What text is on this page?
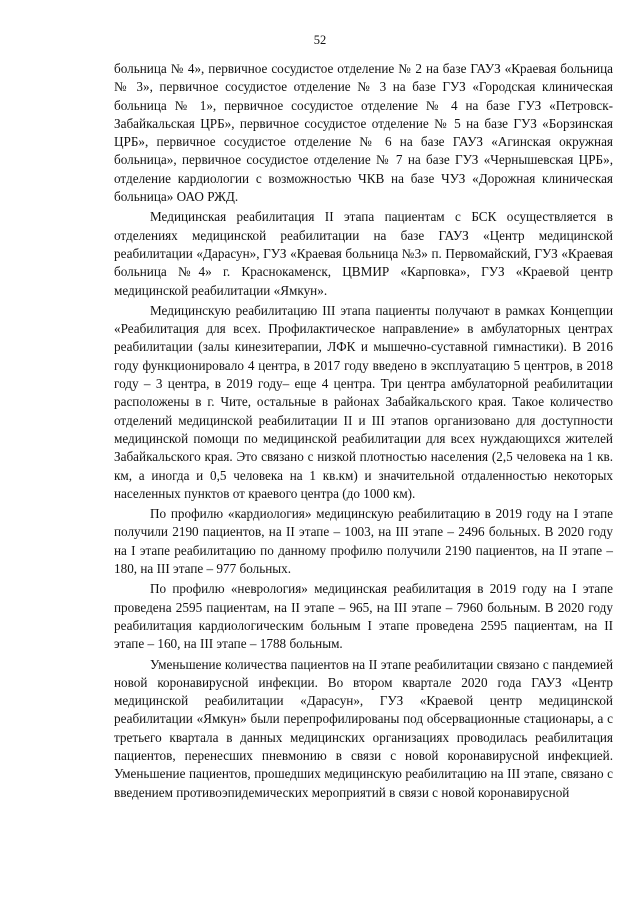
52

больница № 4», первичное сосудистое отделение № 2 на базе ГАУЗ «Краевая больница № 3», первичное сосудистое отделение № 3 на базе ГУЗ «Городская клиническая больница № 1», первичное сосудистое отделение № 4 на базе ГУЗ «Петровск-Забайкальская ЦРБ», первичное сосудистое отделение № 5 на базе ГУЗ «Борзинская ЦРБ», первичное сосудистое отделение № 6 на базе ГАУЗ «Агинская окружная больница», первичное сосудистое отделение № 7 на базе ГУЗ «Чернышевская ЦРБ», отделение кардиологии с возможностью ЧКВ на базе ЧУЗ «Дорожная клиническая больница» ОАО РЖД.

Медицинская реабилитация II этапа пациентам с БСК осуществляется в отделениях медицинской реабилитации на базе ГАУЗ «Центр медицинской реабилитации «Дарасун», ГУЗ «Краевая больница №3» п. Первомайский, ГУЗ «Краевая больница №4» г. Краснокаменск, ЦВМИР «Карповка», ГУЗ «Краевой центр медицинской реабилитации «Ямкун».

Медицинскую реабилитацию III этапа пациенты получают в рамках Концепции «Реабилитация для всех. Профилактическое направление» в амбулаторных центрах реабилитации (залы кинезитерапии, ЛФК и мышечно-суставной гимнастики). В 2016 году функционировало 4 центра, в 2017 году введено в эксплуатацию 5 центров, в 2018 году – 3 центра, в 2019 году– еще 4 центра. Три центра амбулаторной реабилитации расположены в г. Чите, остальные в районах Забайкальского края. Такое количество отделений медицинской реабилитации II и III этапов организовано для доступности медицинской помощи по медицинской реабилитации для всех нуждающихся жителей Забайкальского края. Это связано с низкой плотностью населения (2,5 человека на 1 кв. км, а иногда и 0,5 человека на 1 кв.км) и значительной отдаленностью некоторых населенных пунктов от краевого центра (до 1000 км).

По профилю «кардиология» медицинскую реабилитацию в 2019 году на I этапе получили 2190 пациентов, на II этапе – 1003, на III этапе – 2496 больных. В 2020 году на I этапе реабилитацию по данному профилю получили 2190 пациентов, на II этапе – 180, на III этапе – 977 больных.

По профилю «неврология» медицинская реабилитация в 2019 году на I этапе проведена 2595 пациентам, на II этапе – 965, на III этапе – 7960 больным. В 2020 году реабилитация кардиологическим больным I этапе проведена 2595 пациентам, на II этапе – 160, на III этапе – 1788 больным.

Уменьшение количества пациентов на II этапе реабилитации связано с пандемией новой коронавирусной инфекции. Во втором квартале 2020 года ГАУЗ «Центр медицинской реабилитации «Дарасун», ГУЗ «Краевой центр медицинской реабилитации «Ямкун» были перепрофилированы под обсервационные стационары, а с третьего квартала в данных медицинских организациях проводилась реабилитация пациентов, перенесших пневмонию в связи с новой коронавирусной инфекцией. Уменьшение пациентов, прошедших медицинскую реабилитацию на III этапе, связано с введением противоэпидемических мероприятий в связи с новой коронавирусной
